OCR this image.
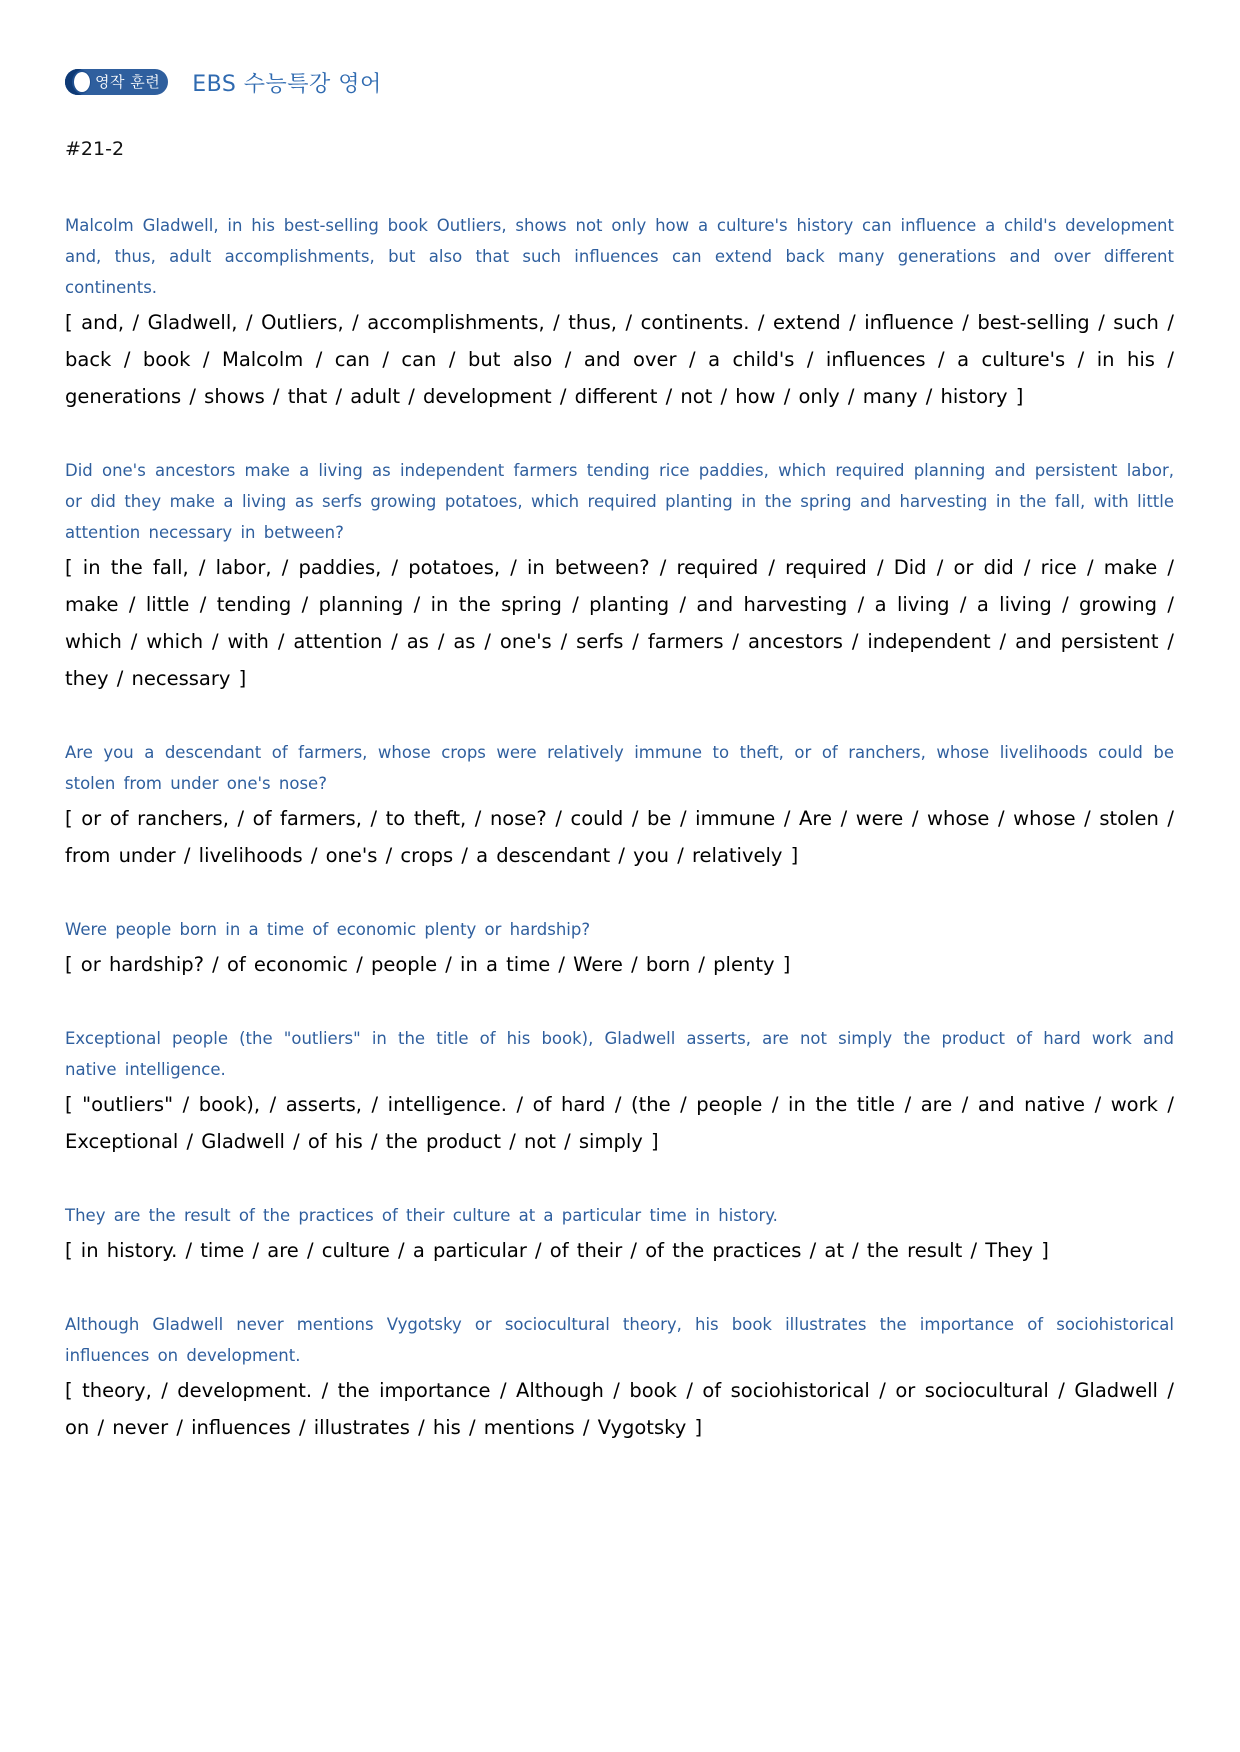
영작 훈련 EBS 수능특강 영어
#21-2
Malcolm Gladwell, in his best-selling book Outliers, shows not only how a culture's history can influence a child's development and, thus, adult accomplishments, but also that such influences can extend back many generations and over different continents.
[ and, / Gladwell, / Outliers, / accomplishments, / thus, / continents. / extend / influence / best-selling / such / back / book / Malcolm / can / can / but also / and over / a child's / influences / a culture's / in his / generations / shows / that / adult / development / different / not / how / only / many / history ]
Did one's ancestors make a living as independent farmers tending rice paddies, which required planning and persistent labor, or did they make a living as serfs growing potatoes, which required planting in the spring and harvesting in the fall, with little attention necessary in between?
[ in the fall, / labor, / paddies, / potatoes, / in between? / required / required / Did / or did / rice / make / make / little / tending / planning / in the spring / planting / and harvesting / a living / a living / growing / which / which / with / attention / as / as / one's / serfs / farmers / ancestors / independent / and persistent / they / necessary ]
Are you a descendant of farmers, whose crops were relatively immune to theft, or of ranchers, whose livelihoods could be stolen from under one's nose?
[ or of ranchers, / of farmers, / to theft, / nose? / could / be / immune / Are / were / whose / whose / stolen / from under / livelihoods / one's / crops / a descendant / you / relatively ]
Were people born in a time of economic plenty or hardship?
[ or hardship? / of economic / people / in a time / Were / born / plenty ]
Exceptional people (the "outliers" in the title of his book), Gladwell asserts, are not simply the product of hard work and native intelligence.
[ "outliers" / book), / asserts, / intelligence. / of hard / (the / people / in the title / are / and native / work / Exceptional / Gladwell / of his / the product / not / simply ]
They are the result of the practices of their culture at a particular time in history.
[ in history. / time / are / culture / a particular / of their / of the practices / at / the result / They ]
Although Gladwell never mentions Vygotsky or sociocultural theory, his book illustrates the importance of sociohistorical influences on development.
[ theory, / development. / the importance / Although / book / of sociohistorical / or sociocultural / Gladwell / on / never / influences / illustrates / his / mentions / Vygotsky ]
